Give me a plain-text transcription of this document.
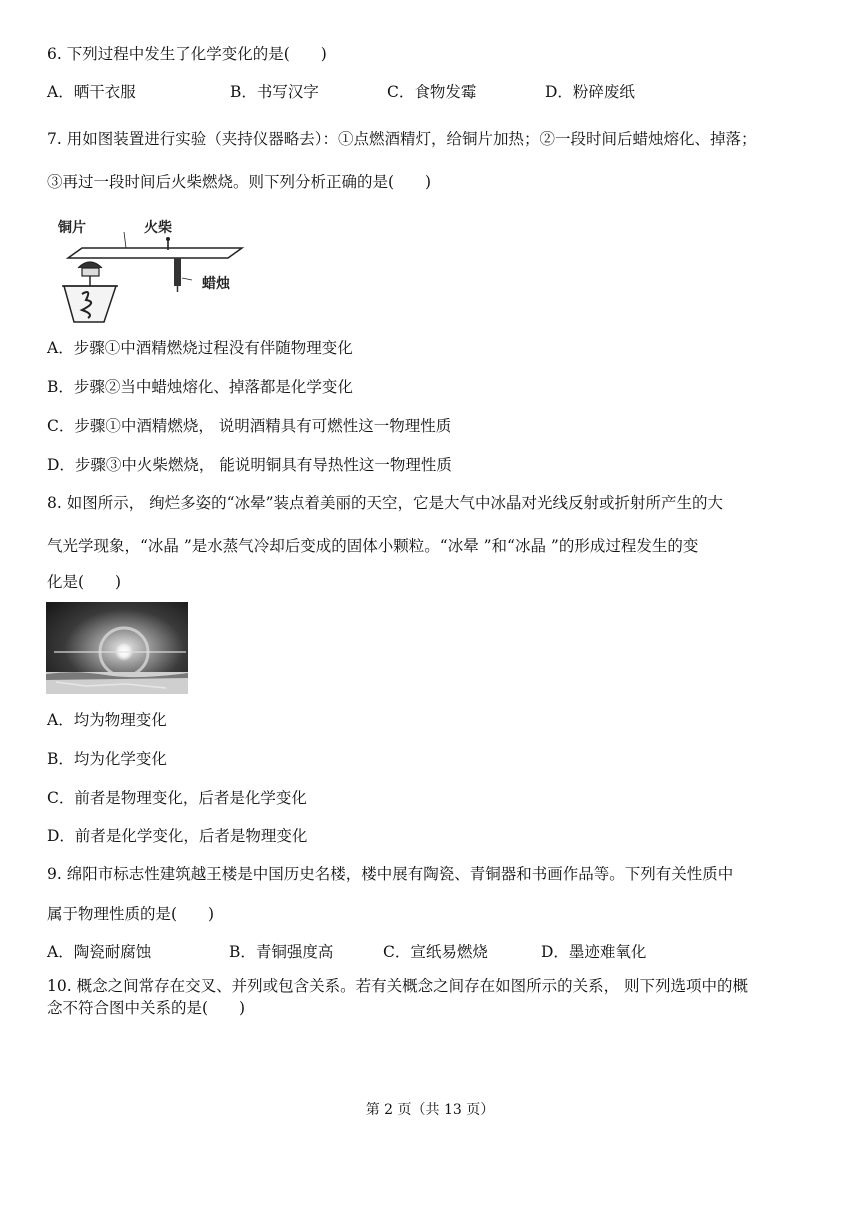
6. 下列过程中发生了化学变化的是(　　)
A．晒干衣服	B．书写汉字	C．食物发霉	D．粉碎废纸
7. 用如图装置进行实验（夹持仪器略去）：①点燃酒精灯，给铜片加热；②一段时间后蜡烛熔化、掉落；
③再过一段时间后火柴燃烧。则下列分析正确的是(　　)
铜片	火柴
蜡烛
A．步骤①中酒精燃烧过程没有伴随物理变化
B．步骤②当中蜡烛熔化、掉落都是化学变化
C．步骤①中酒精燃烧， 说明酒精具有可燃性这一物理性质
D．步骤③中火柴燃烧， 能说明铜具有导热性这一物理性质
8. 如图所示， 绚烂多姿的“冰晕”装点着美丽的天空，它是大气中冰晶对光线反射或折射所产生的大
气光学现象，“冰晶 ”是水蒸气冷却后变成的固体小颗粒。“冰晕 ”和“冰晶 ”的形成过程发生的变
化是(　　)
A．均为物理变化
B．均为化学变化
C．前者是物理变化，后者是化学变化
D．前者是化学变化，后者是物理变化
9. 绵阳市标志性建筑越王楼是中国历史名楼，楼中展有陶瓷、青铜器和书画作品等。下列有关性质中
属于物理性质的是(　　)
A．陶瓷耐腐蚀	B．青铜强度高	C．宣纸易燃烧	D．墨迹难氧化
10. 概念之间常存在交叉、并列或包含关系。若有关概念之间存在如图所示的关系， 则下列选项中的概
念不符合图中关系的是(　　)
第 2 页（共 13 页）
